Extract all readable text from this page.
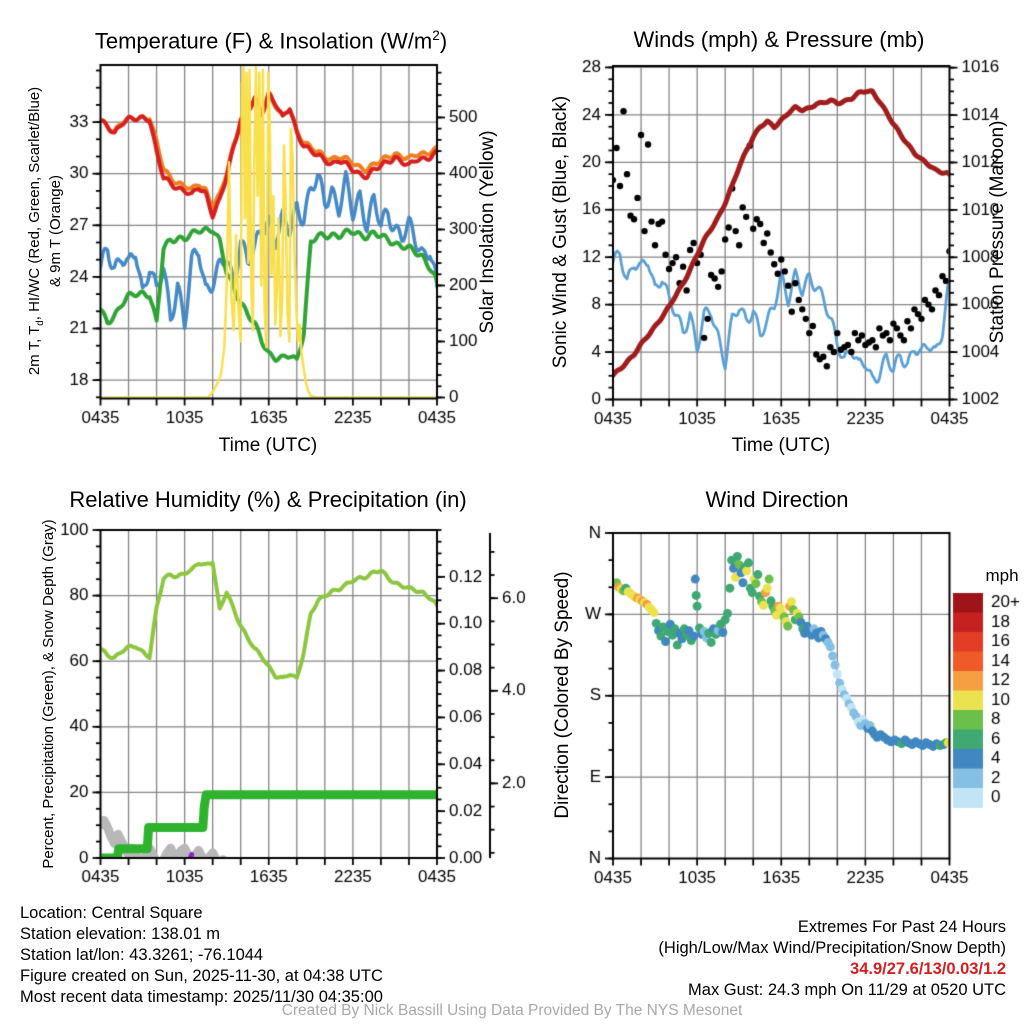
Temperature (F) & Insolation $(W/m^2)$	Winds (mph) & Pressure (mb)
Relative Humidity (%) & Precipitation (in)	Wind Direction
Time (UTC)	Time (UTC)
2m T, $T_d$, HI/WC (Red, Green, Scarlet/Blue) & 9m T (Orange)	Solar Insolation (Yellow)	Sonic Wind & Gust (Blue, Black)	Station Pressure (Maroon)
Percent, Precipitation (Green), & Snow Depth (Gray)	Direction (Colored By Speed)	mph
Location: Central Square
Station elevation: 138.01 m
Station lat/lon: 43.3261; -76.1044
Figure created on Sun, 2025-11-30, at 04:38 UTC
Most recent data timestamp: 2025/11/30 04:35:00
Extremes For Past 24 Hours
(High/Low/Max Wind/Precipitation/Snow Depth)
34.9/27.6/13/0.03/1.2
Max Gust: 24.3 mph On 11/29 at 0520 UTC
Created By Nick Bassill Using Data Provided By The NYS Mesonet
